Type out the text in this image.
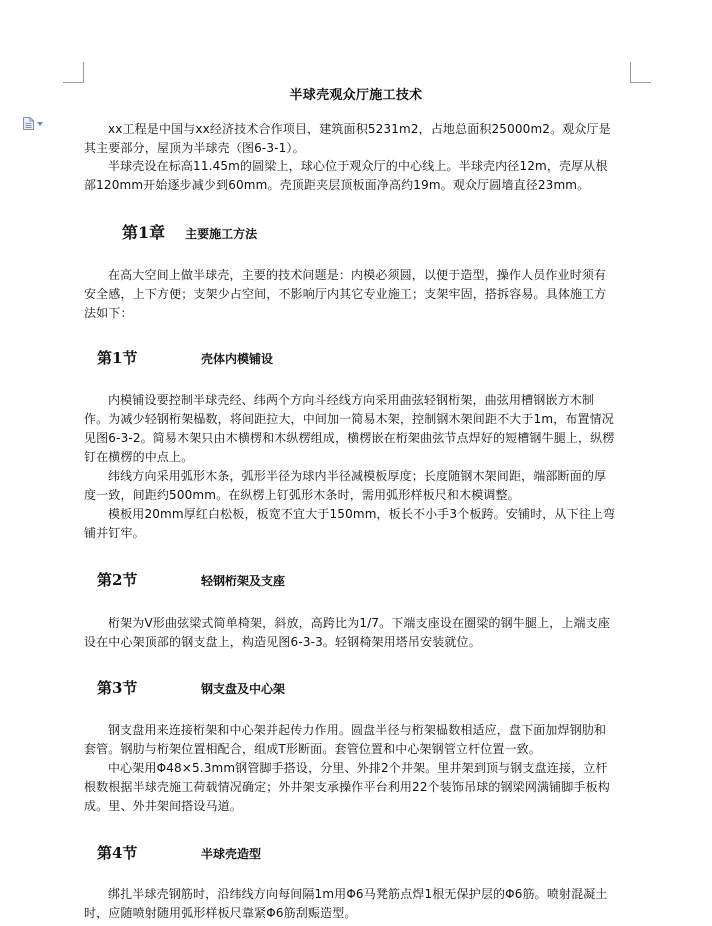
半球壳观众厅施工技术

xx工程是中国与xx经济技术合作项目，建筑面积5231m2，占地总面积25000m2。观众厅是其主要部分，屋顶为半球壳（图6-3-1）。

半球壳设在标高11.45m的圆梁上，球心位于观众厅的中心线上。半球壳内径12m，壳厚从根部120mm开始逐步减少到60mm。壳顶距夹层顶板面净高约19m。观众厅圆墙直径23mm。

第1章 主要施工方法

在高大空间上做半球壳，主要的技术问题是：内模必须圆，以便于造型，操作人员作业时须有安全感，上下方便；支架少占空间，不影响厅内其它专业施工；支架牢固，搭拆容易。具体施工方法如下：

第1节	壳体内模铺设

内模铺设要控制半球壳经、纬两个方向斗经线方向采用曲弦轻钢桁架，曲弦用槽钢嵌方木制作。为减少轻钢桁架榀数，将间距拉大，中间加一简易木架，控制钢木架间距不大于1m，布置情况见图6-3-2。简易木架只由木横楞和木纵楞组成，横楞嵌在桁架曲弦节点焊好的短槽钢牛腿上，纵楞钉在横楞的中点上。

纬线方向采用弧形木条，弧形半径为球内半径减模板厚度；长度随钢木架间距，端部断面的厚度一致，间距约500mm。在纵楞上钉弧形木条时，需用弧形样板尺和木模调整。

模板用20mm厚红白松板，板宽不宜大于150mm，板长不小手3个板跨。安铺时，从下往上弯铺并钉牢。

第2节	轻钢桁架及支座

桁架为V形曲弦梁式简单椅架，斜放，高跨比为1/7。下端支座设在圈梁的钢牛腿上，上端支座设在中心架顶部的钢支盘上，构造见图6-3-3。轻钢椅架用塔吊安装就位。

第3节	钢支盘及中心架

钢支盘用来连接桁架和中心架并起传力作用。圆盘半径与桁架榀数相适应，盘下面加焊钢肋和套管。钢肋与桁架位置相配合，组成T形断面。套管位置和中心架钢管立杆位置一致。

中心架用Φ48×5.3mm钢管脚手搭设，分里、外排2个井架。里井架到顶与钢支盘连接，立杆根数根据半球壳施工荷载情况确定；外井架支承操作平台利用22个装饰吊球的钢梁网满铺脚手板构成。里、外井架间搭设马道。

第4节	半球壳造型

绑扎半球壳钢筋时，沿纬线方向每间隔1m用Φ6马凳筋点焊1根无保护层的Φ6筋。喷射混凝土时，应随喷射随用弧形样板尺靠紧Φ6筋刮赈造型。
